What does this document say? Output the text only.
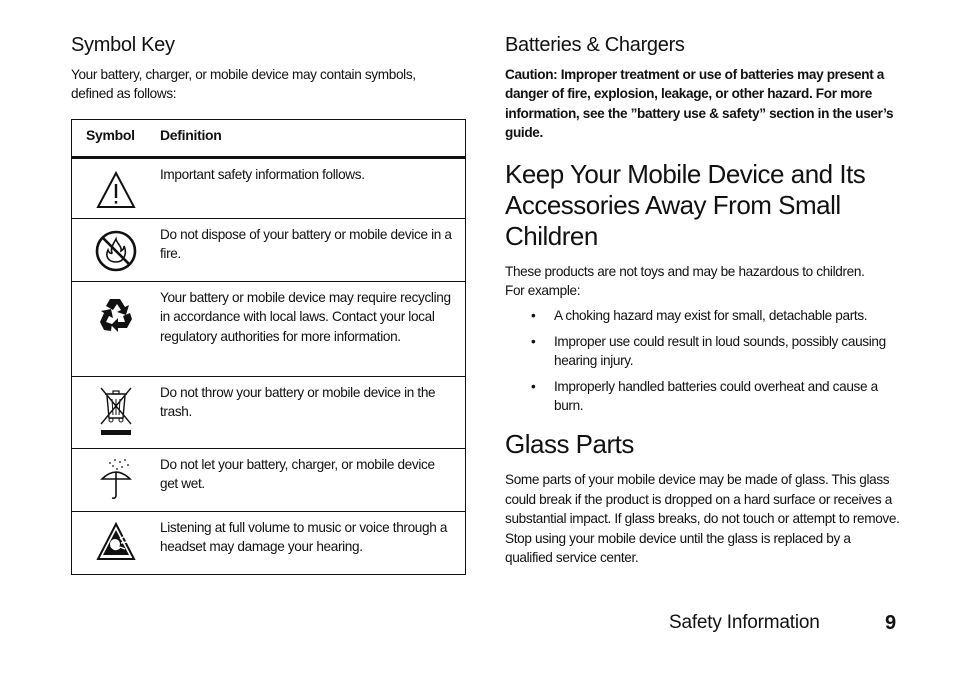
Symbol Key

Your battery, charger, or mobile device may contain symbols, defined as follows:

Symbol	Definition
	Important safety information follows.
	Do not dispose of your battery or mobile device in a fire.
	Your battery or mobile device may require recycling in accordance with local laws. Contact your local regulatory authorities for more information.
	Do not throw your battery or mobile device in the trash.
	Do not let your battery, charger, or mobile device get wet.
	Listening at full volume to music or voice through a headset may damage your hearing.
Batteries & Chargers

Caution: Improper treatment or use of batteries may present a danger of fire, explosion, leakage, or other hazard. For more information, see the ”battery use & safety” section in the user’s guide.

Keep Your Mobile Device and Its Accessories Away From Small Children

These products are not toys and may be hazardous to children. For example:

• A choking hazard may exist for small, detachable parts.
• Improper use could result in loud sounds, possibly causing hearing injury.
• Improperly handled batteries could overheat and cause a burn.
Glass Parts

Some parts of your mobile device may be made of glass. This glass could break if the product is dropped on a hard surface or receives a substantial impact. If glass breaks, do not touch or attempt to remove. Stop using your mobile device until the glass is replaced by a qualified service center.

Safety Information	9
